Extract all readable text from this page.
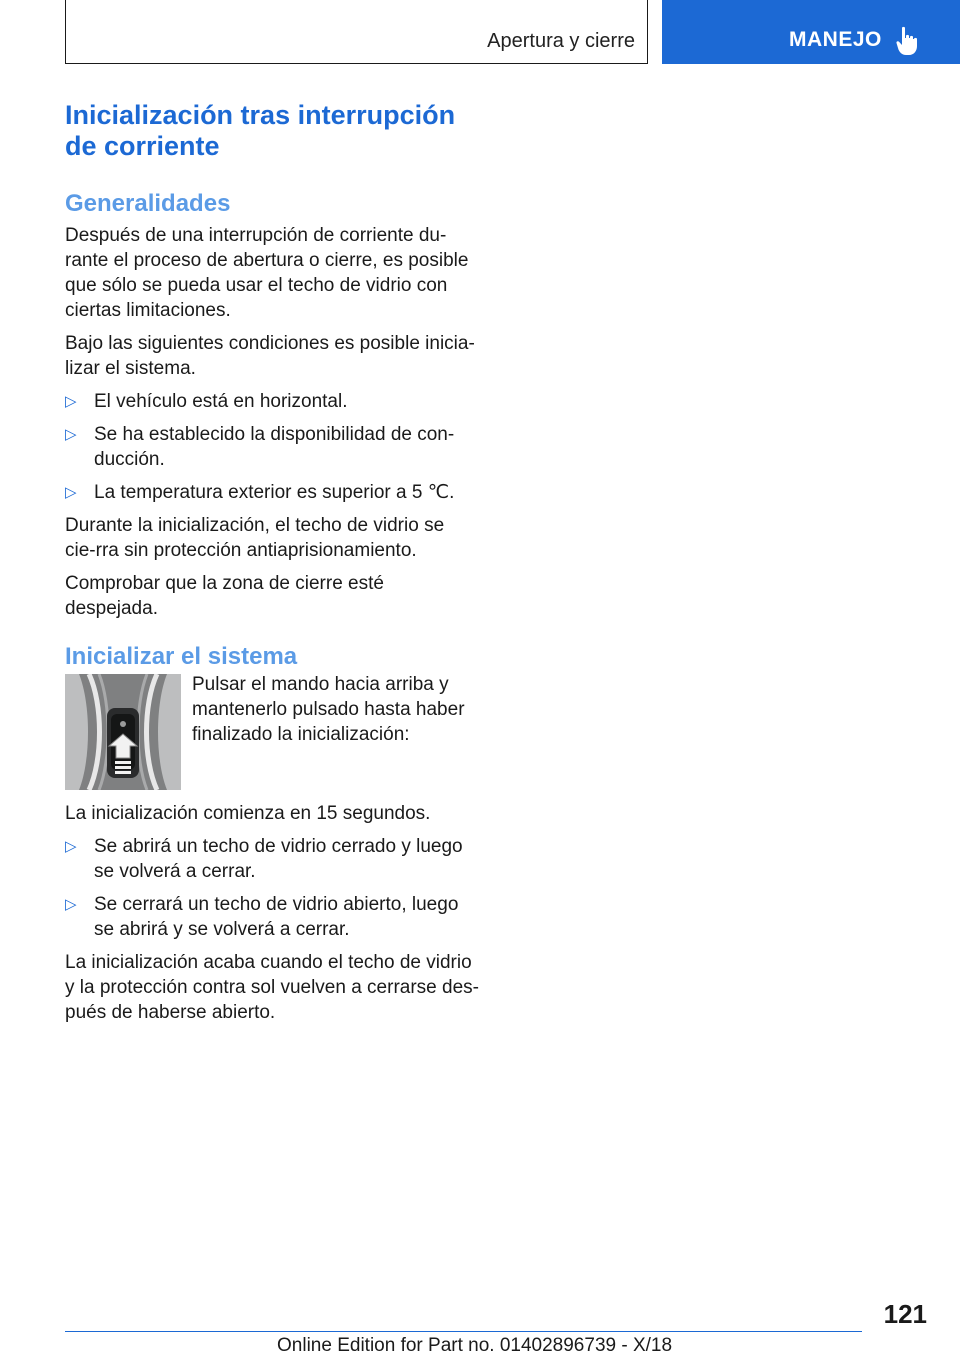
Apertura y cierre	MANEJO
Inicialización tras interrupción de corriente
Generalidades

Después de una interrupción de corriente du-rante el proceso de abertura o cierre, es posible que sólo se pueda usar el techo de vidrio con ciertas limitaciones.

Bajo las siguientes condiciones es posible inicia-lizar el sistema.

▷ El vehículo está en horizontal.
▷ Se ha establecido la disponibilidad de con-ducción.
▷ La temperatura exterior es superior a 5 ℃.

Durante la inicialización, el techo de vidrio se cie-rra sin protección antiaprisionamiento.

Comprobar que la zona de cierre esté despejada.

Inicializar el sistema
Pulsar el mando hacia arriba y mantenerlo pulsado hasta haber finalizado la inicialización:

La inicialización comienza en 15 segundos.

▷ Se abrirá un techo de vidrio cerrado y luego se volverá a cerrar.
▷ Se cerrará un techo de vidrio abierto, luego se abrirá y se volverá a cerrar.

La inicialización acaba cuando el techo de vidrio y la protección contra sol vuelven a cerrarse des-pués de haberse abierto.

121
Online Edition for Part no. 01402896739 - X/18
